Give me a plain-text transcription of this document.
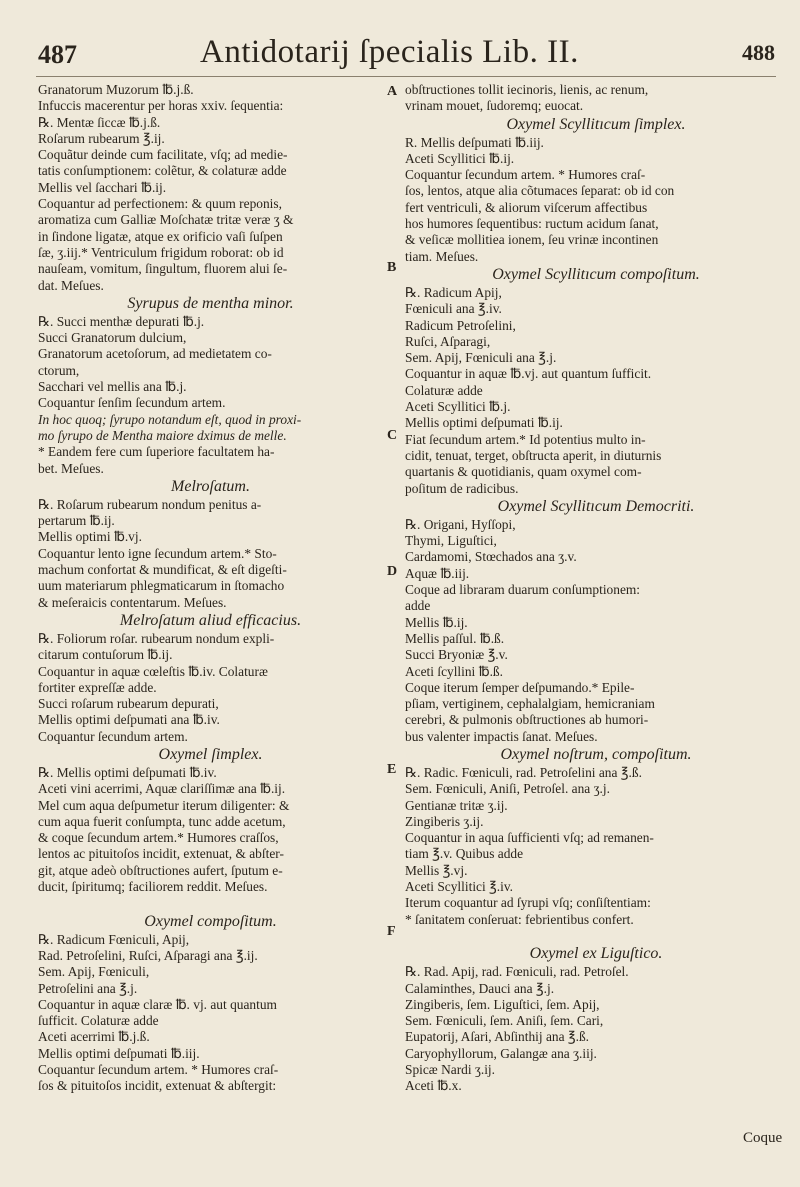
487	Antidotarij ſpecialis Lib. II.	488
A
B
C
D
E
F
Granatorum Muzorum ℔.j.ß.
Infuccis macerentur per horas xxiv. ſequentia:
℞. Mentæ ſiccæ ℔.j.ß.
Roſarum rubearum ℥.ij.
Coquãtur deinde cum facilitate, vſq; ad medie-
tatis conſumptionem: colẽtur, & colaturæ adde
Mellis vel ſacchari ℔.ij.
Coquantur ad perfectionem: & quum reponis,
aromatiza cum Galliæ Moſchatæ tritæ veræ ʒ &
in ſindone ligatæ, atque ex orificio vaſi ſuſpen
ſæ, ʒ.iij.* Ventriculum frigidum roborat: ob id
nauſeam, vomitum, ſingultum, fluorem alui ſe-
dat. Meſues.
Syrupus de mentha minor.
℞. Succi menthæ depurati ℔.j.
Succi Granatorum dulcium,
Granatorum acetoſorum, ad medietatem co-
ctorum,
Sacchari vel mellis ana ℔.j.
Coquantur ſenſim ſecundum artem.
In hoc quoq; ſyrupo notandum eſt, quod in proxi-
mo ſyrupo de Mentha maiore dximus de melle.
* Eandem fere cum ſuperiore facultatem ha-
bet. Meſues.
Melroſatum.
℞. Roſarum rubearum nondum penitus a-
pertarum ℔.ij.
Mellis optimi ℔.vj.
Coquantur lento igne ſecundum artem.* Sto-
machum confortat & mundificat, & eſt digeſti-
uum materiarum phlegmaticarum in ſtomacho
& meſeraicis contentarum. Meſues.
Melroſatum aliud efficacius.
℞. Foliorum roſar. rubearum nondum expli-
citarum contuſorum ℔.ij.
Coquantur in aquæ cœleſtis ℔.iv. Colaturæ
fortiter expreſſæ adde.
Succi roſarum rubearum depurati,
Mellis optimi deſpumati ana ℔.iv.
Coquantur ſecundum artem.
Oxymel ſimplex.
℞. Mellis optimi deſpumati ℔.iv.
Aceti vini acerrimi, Aquæ clariſſimæ ana ℔.ij.
Mel cum aqua deſpumetur iterum diligenter: &
cum aqua fuerit conſumpta, tunc adde acetum,
& coque ſecundum artem.* Humores craſſos,
lentos ac pituitoſos incidit, extenuat, & abſter-
git, atque adeò obſtructiones aufert, ſputum e-
ducit, ſpiritumq; faciliorem reddit. Meſues.
Oxymel compoſitum.
℞. Radicum Fœniculi, Apij,
Rad. Petroſelini, Ruſci, Aſparagi ana ℥.ij.
Sem. Apij, Fœniculi,
Petroſelini ana ℥.j.
Coquantur in aquæ claræ ℔. vj. aut quantum
ſufficit. Colaturæ adde
Aceti acerrimi ℔.j.ß.
Mellis optimi deſpumati ℔.iij.
Coquantur ſecundum artem. * Humores craſ-
ſos & pituitoſos incidit, extenuat & abſtergit:
obſtructiones tollit iecinoris, lienis, ac renum,
vrinam mouet, ſudoremq; euocat.
Oxymel Scyllitıcum ſimplex.
R. Mellis deſpumati ℔.iij.
Aceti Scyllitici ℔.ij.
Coquantur ſecundum artem. * Humores craſ-
ſos, lentos, atque alia cõtumaces ſeparat: ob id con
fert ventriculi, & aliorum viſcerum affectibus
hos humores ſequentibus: ructum acidum ſanat,
& veſicæ mollitiea ionem, ſeu vrinæ incontinen
tiam. Meſues.
Oxymel Scyllitıcum compoſitum.
℞. Radicum Apij,
Fœniculi ana ℥.iv.
Radicum Petroſelini,
Ruſci, Aſparagi,
Sem. Apij, Fœniculi ana ℥.j.
Coquantur in aquæ ℔.vj. aut quantum ſufficit.
Colaturæ adde
Aceti Scyllitici ℔.j.
Mellis optimi deſpumati ℔.ij.
Fiat ſecundum artem.* Id potentius multo in-
cidit, tenuat, terget, obſtructa aperit, in diuturnis
quartanis & quotidianis, quam oxymel com-
poſitum de radicibus.
Oxymel Scyllitıcum Democriti.
℞. Origani, Hyſſopi,
Thymi, Liguſtici,
Cardamomi, Stœchados ana ʒ.v.
Aquæ ℔.iij.
Coque ad libraram duarum conſumptionem:
adde
Mellis ℔.ij.
Mellis paſſul. ℔.ß.
Succi Bryoniæ ℥.v.
Aceti ſcyllini ℔.ß.
Coque iterum ſemper deſpumando.* Epile-
pſiam, vertiginem, cephalalgiam, hemicraniam
cerebri, & pulmonis obſtructiones ab humori-
bus valenter impactis ſanat. Meſues.
Oxymel noſtrum, compoſitum.
℞. Radic. Fœniculi, rad. Petroſelini ana ℥.ß.
Sem. Fœniculi, Aniſi, Petroſel. ana ʒ.j.
Gentianæ tritæ ʒ.ij.
Zingiberis ʒ.ij.
Coquantur in aqua ſufficienti vſq; ad remanen-
tiam ℥.v. Quibus adde
Mellis ℥.vj.
Aceti Scyllitici ℥.iv.
Iterum coquantur ad ſyrupi vſq; conſiſtentiam:
* ſanitatem conſeruat: febrientibus confert.
Oxymel ex Liguſtico.
℞. Rad. Apij, rad. Fœniculi, rad. Petroſel.
Calaminthes, Dauci ana ℥.j.
Zingiberis, ſem. Liguſtici, ſem. Apij,
Sem. Fœniculi, ſem. Aniſi, ſem. Cari,
Eupatorij, Aſari, Abſinthij ana ℥.ß.
Caryophyllorum, Galangæ ana ʒ.iij.
Spicæ Nardi ʒ.ij.
Aceti ℔.x.
Coque
